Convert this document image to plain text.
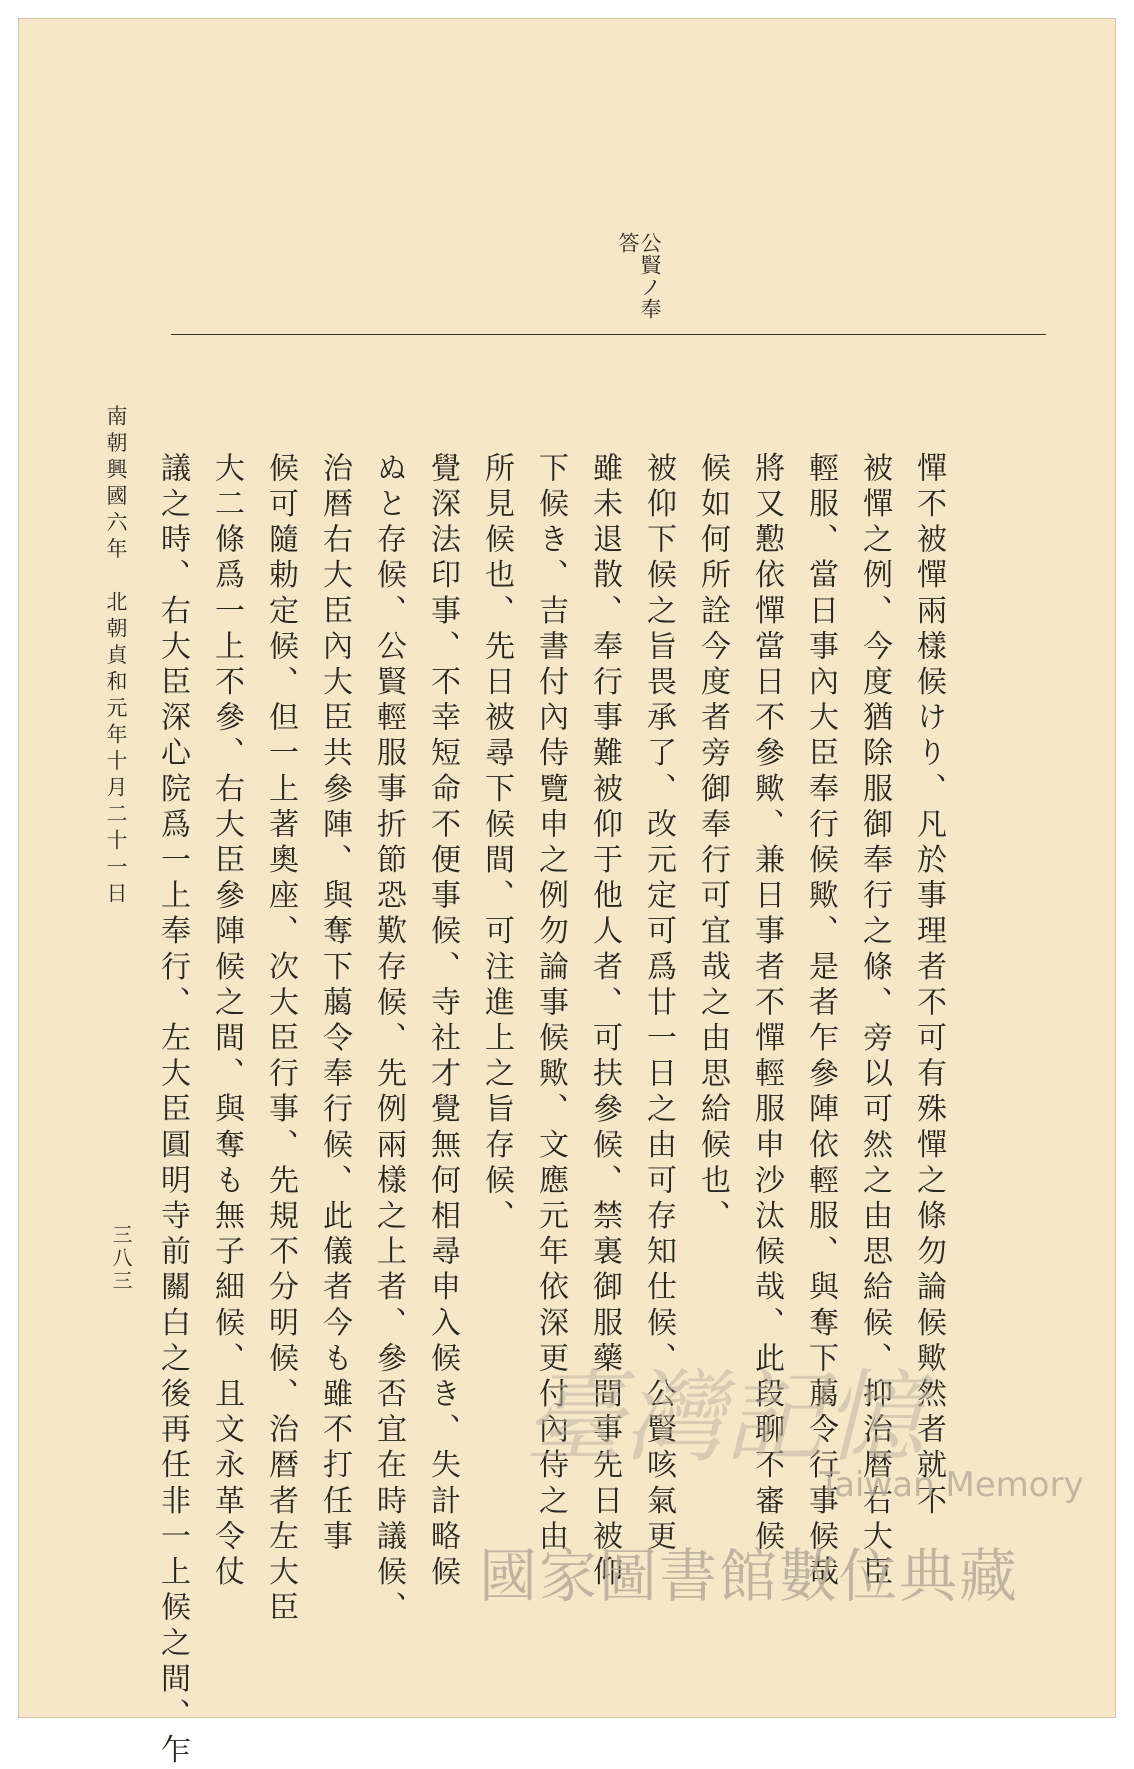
公賢ノ奉
答
憚不被憚兩樣候けり、凡於事理者不可有殊憚之條勿論候歟然者就不
被憚之例、今度猶除服御奉行之條、旁以可然之由思給候、抑治暦右大臣
輕服、當日事內大臣奉行候歟、是者乍參陣依輕服、與奪下﨟令行事候哉
將又懃依憚當日不參歟、兼日事者不憚輕服申沙汰候哉、此段聊不審候
候如何所詮今度者旁御奉行可宜哉之由思給候也、
被仰下候之旨畏承了、改元定可爲廿一日之由可存知仕候、公賢咳氣更
雖未退散、奉行事難被仰于他人者、可扶參候、禁裏御服藥間事先日被仰
下候き、吉書付內侍覽申之例勿論事候歟、文應元年依深更付內侍之由
所見候也、先日被尋下候間、可注進上之旨存候、
覺深法印事、不幸短命不便事候、寺社才覺無何相尋申入候き、失計略候
ぬと存候、公賢輕服事折節恐歎存候、先例兩樣之上者、參否宜在時議候、
治暦右大臣內大臣共參陣、與奪下﨟令奉行候、此儀者今も雖不打任事
候可隨勅定候、但一上著奧座、次大臣行事、先規不分明候、治暦者左大臣
大二條爲一上不參、右大臣參陣候之間、與奪も無子細候、且文永革令仗
議之時、右大臣深心院爲一上奉行、左大臣圓明寺前關白之後再任非一上候之間、乍
南朝興國六年　北朝貞和元年十月二十一日
三八三
臺灣記憶
Taiwan Memory
國家圖書館數位典藏
